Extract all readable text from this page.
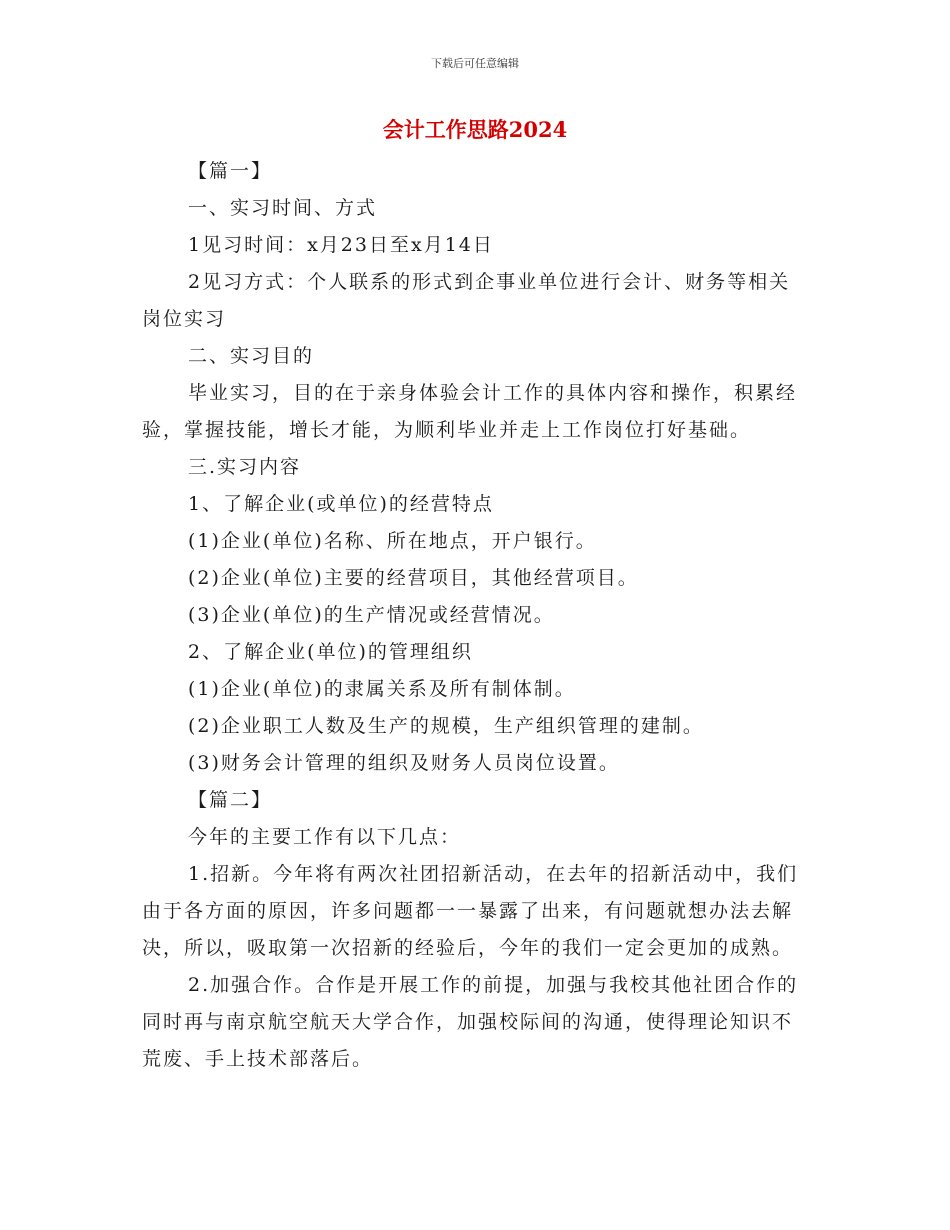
下载后可任意编辑
会计工作思路2024

【篇一】

一、实习时间、方式

1见习时间：x月23日至x月14日

2见习方式：个人联系的形式到企事业单位进行会计、财务等相关岗位实习

二、实习目的

毕业实习，目的在于亲身体验会计工作的具体内容和操作，积累经验，掌握技能，增长才能，为顺利毕业并走上工作岗位打好基础。

三.实习内容

1、了解企业(或单位)的经营特点

(1)企业(单位)名称、所在地点，开户银行。

(2)企业(单位)主要的经营项目，其他经营项目。

(3)企业(单位)的生产情况或经营情况。

2、了解企业(单位)的管理组织

(1)企业(单位)的隶属关系及所有制体制。

(2)企业职工人数及生产的规模，生产组织管理的建制。

(3)财务会计管理的组织及财务人员岗位设置。

【篇二】

今年的主要工作有以下几点：

1.招新。今年将有两次社团招新活动，在去年的招新活动中，我们由于各方面的原因，许多问题都一一暴露了出来，有问题就想办法去解决，所以，吸取第一次招新的经验后，今年的我们一定会更加的成熟。

2.加强合作。合作是开展工作的前提，加强与我校其他社团合作的同时再与南京航空航天大学合作，加强校际间的沟通，使得理论知识不荒废、手上技术部落后。
